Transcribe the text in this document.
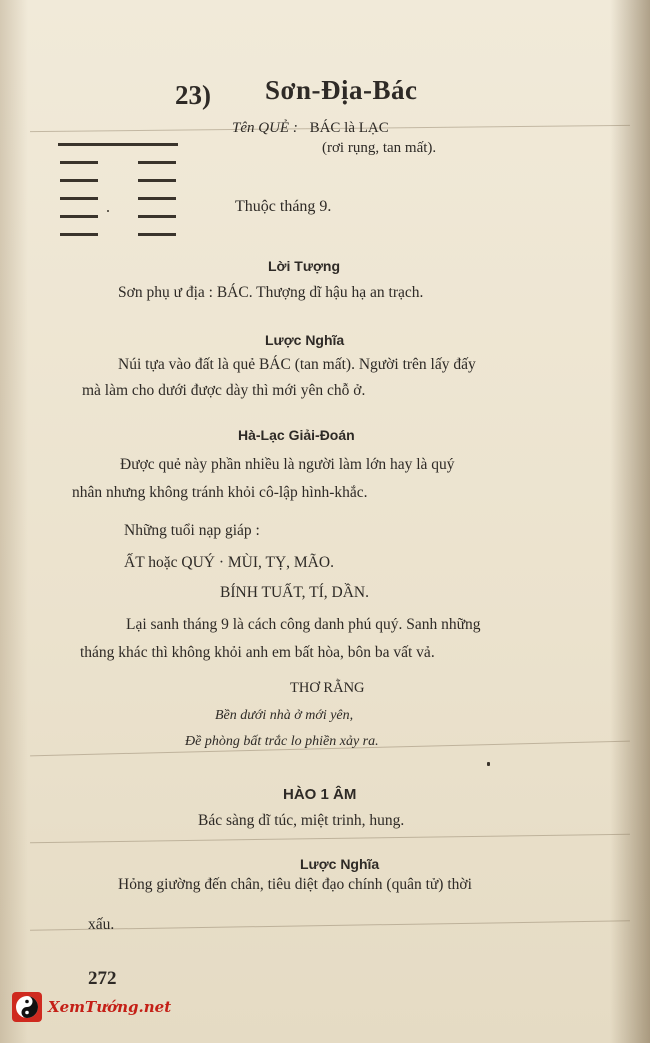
23) Sơn-Địa-Bác
Tên QUẺ : BÁC là LẠC
(rơi rụng, tan mất).
Thuộc tháng 9.
Lời Tượng
Sơn phụ ư địa : BÁC. Thượng dĩ hậu hạ an trạch.
Lược Nghĩa
Núi tựa vào đất là quẻ BÁC (tan mất). Người trên lấy đấy
mà làm cho dưới được dày thì mới yên chỗ ở.
Hà-Lạc Giải-Đoán
Được quẻ này phần nhiều là người làm lớn hay là quý
nhân nhưng không tránh khỏi cô-lập hình-khắc.
Những tuổi nạp giáp :
ẤT hoặc QUÝ · MÙI, TỴ, MÃO.
BÍNH TUẤT, TÍ, DẦN.
Lại sanh tháng 9 là cách công danh phú quý. Sanh những
tháng khác thì không khỏi anh em bất hòa, bôn ba vất vả.
THƠ RẰNG
Bền dưới nhà ở mới yên,
Đề phòng bất trắc lo phiền xảy ra.
HÀO 1 ÂM
Bác sàng dĩ túc, miệt trinh, hung.
Lược Nghĩa
Hỏng giường đến chân, tiêu diệt đạo chính (quân tử) thời
xấu.
272
XemTướng.net
